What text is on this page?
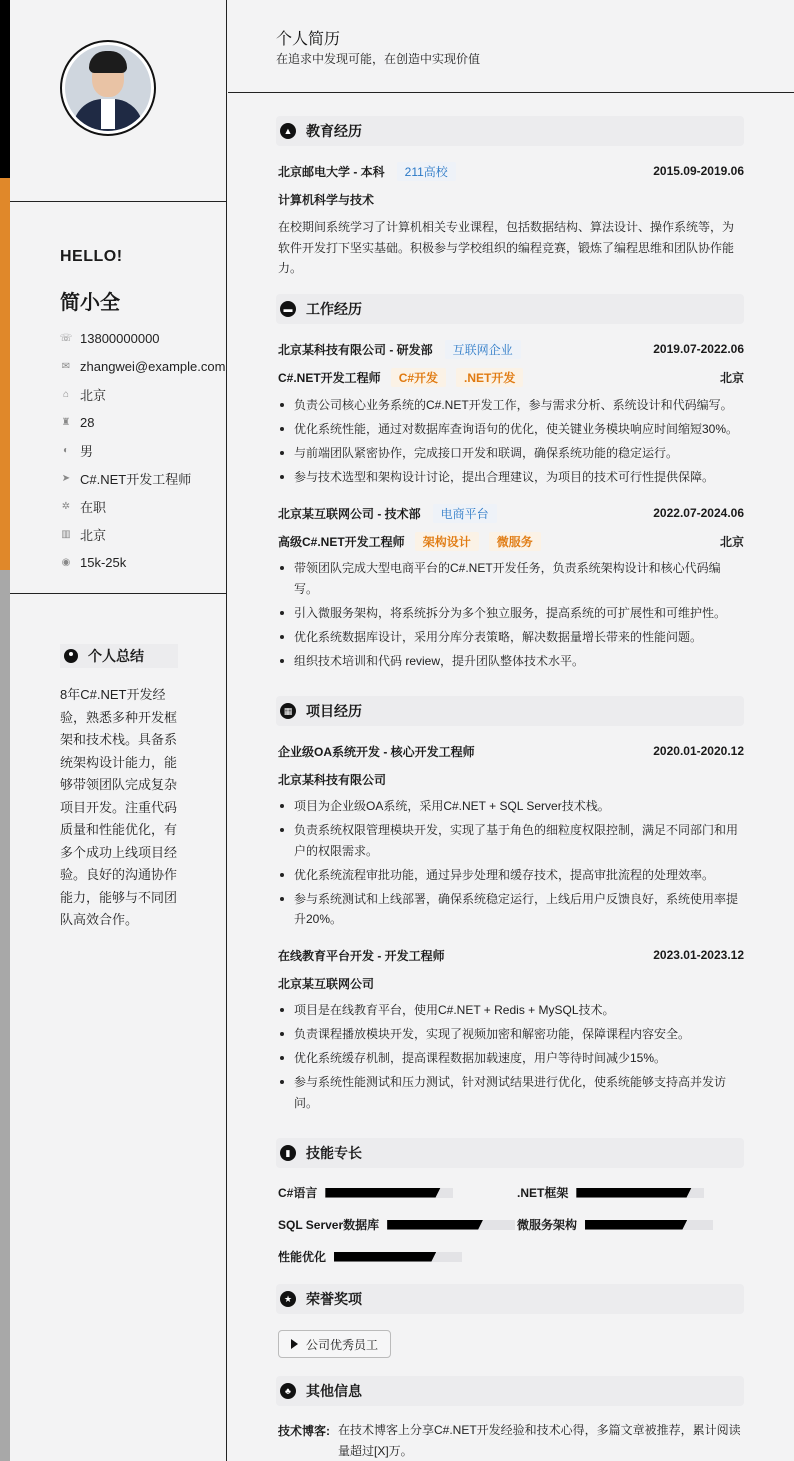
HELLO!
简小全
☏ 13800000000
✉ zhangwei@example.com
⌂ 北京
♜ 28
◐ 男
➤ C#.NET开发工程师
✲ 在职
▥ 北京
◉ 15k-25k
个人总结
8年C#.NET开发经验，熟悉多种开发框架和技术栈。具备系统架构设计能力，能够带领团队完成复杂项目开发。注重代码质量和性能优化，有多个成功上线项目经验。良好的沟通协作能力，能够与不同团队高效合作。
个人简历
在追求中发现可能，在创造中实现价值
▲ 教育经历
北京邮电大学 - 本科	211高校	2015.09-2019.06
计算机科学与技术
在校期间系统学习了计算机相关专业课程，包括数据结构、算法设计、操作系统等，为软件开发打下坚实基础。积极参与学校组织的编程竞赛，锻炼了编程思维和团队协作能力。
▬ 工作经历
北京某科技有限公司 - 研发部	互联网企业	2019.07-2022.06
C#.NET开发工程师	C#开发	.NET开发	北京
负责公司核心业务系统的C#.NET开发工作，参与需求分析、系统设计和代码编写。
优化系统性能，通过对数据库查询语句的优化，使关键业务模块响应时间缩短30%。
与前端团队紧密协作，完成接口开发和联调，确保系统功能的稳定运行。
参与技术选型和架构设计讨论，提出合理建议，为项目的技术可行性提供保障。
北京某互联网公司 - 技术部	电商平台	2022.07-2024.06
高级C#.NET开发工程师	架构设计	微服务	北京
带领团队完成大型电商平台的C#.NET开发任务，负责系统架构设计和核心代码编写。
引入微服务架构，将系统拆分为多个独立服务，提高系统的可扩展性和可维护性。
优化系统数据库设计，采用分库分表策略，解决数据量增长带来的性能问题。
组织技术培训和代码 review，提升团队整体技术水平。
▦ 项目经历
企业级OA系统开发 - 核心开发工程师	2020.01-2020.12
北京某科技有限公司
项目为企业级OA系统，采用C#.NET + SQL Server技术栈。
负责系统权限管理模块开发，实现了基于角色的细粒度权限控制，满足不同部门和用户的权限需求。
优化系统流程审批功能，通过异步处理和缓存技术，提高审批流程的处理效率。
参与系统测试和上线部署，确保系统稳定运行，上线后用户反馈良好，系统使用率提升20%。
在线教育平台开发 - 开发工程师	2023.01-2023.12
北京某互联网公司
项目是在线教育平台，使用C#.NET + Redis + MySQL技术。
负责课程播放模块开发，实现了视频加密和解密功能，保障课程内容安全。
优化系统缓存机制，提高课程数据加载速度，用户等待时间减少15%。
参与系统性能测试和压力测试，针对测试结果进行优化，使系统能够支持高并发访问。
▮	技能专长
C#语言	.NET框架
SQL Server数据库	微服务架构
性能优化
★ 荣誉奖项
公司优秀员工
♣	其他信息
技术博客: 在技术博客上分享C#.NET开发经验和技术心得，多篇文章被推荐，累计阅读量超过[X]万。
